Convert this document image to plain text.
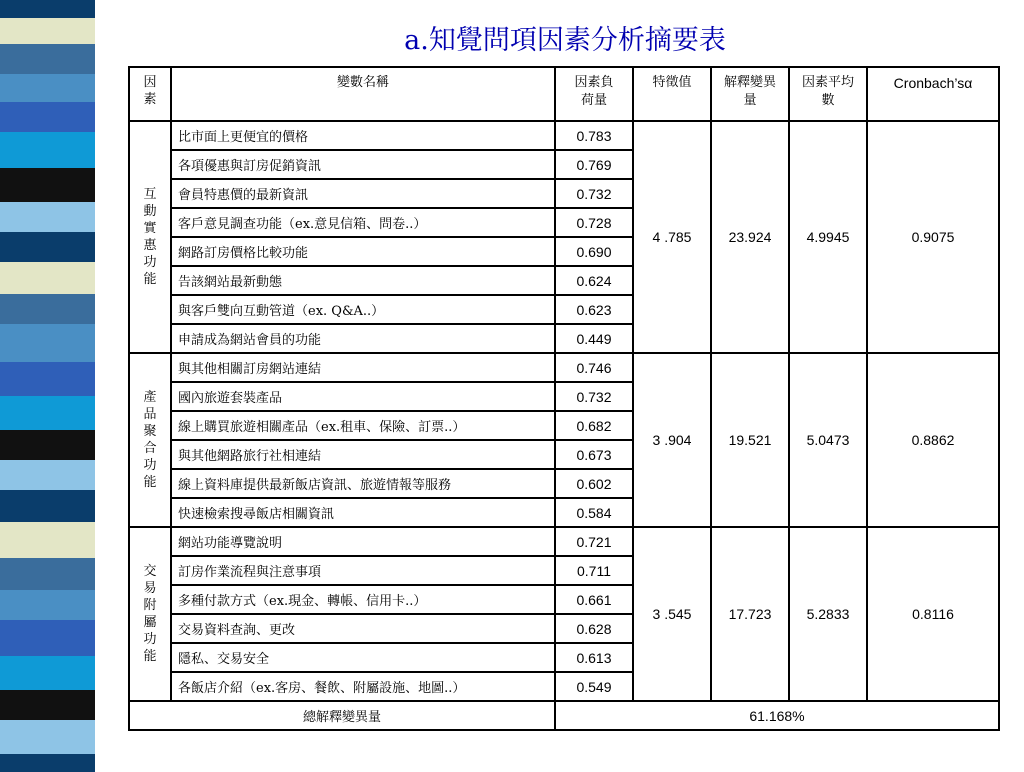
a.知覺問項因素分析摘要表
因素	變數名稱	因素負荷量	特徵值	解釋變異量	因素平均數	Cronbach’sα

互動實惠功能	比市面上更便宜的價格	0.783	4 .785	23.924	4.9945	0.9075
	各項優惠與訂房促銷資訊	0.769				
	會員特惠價的最新資訊	0.732				
	客戶意見調查功能（ex.意見信箱、問卷..）	0.728				
	網路訂房價格比較功能	0.690				
	告該網站最新動態	0.624				
	與客戶雙向互動管道（ex. Q&A..）	0.623				
	申請成為網站會員的功能	0.449				

產品聚合功能	與其他相關訂房網站連結	0.746	3 .904	19.521	5.0473	0.8862
	國內旅遊套裝產品	0.732				
	線上購買旅遊相關產品（ex.租車、保險、訂票..）	0.682				
	與其他網路旅行社相連結	0.673				
	線上資料庫提供最新飯店資訊、旅遊情報等服務	0.602				
	快速檢索搜尋飯店相關資訊	0.584				

交易附屬功能	網站功能導覽說明	0.721	3 .545	17.723	5.2833	0.8116
	訂房作業流程與注意事項	0.711				
	多種付款方式（ex.現金、轉帳、信用卡..）	0.661				
	交易資料查詢、更改	0.628				
	隱私、交易安全	0.613				
	各飯店介紹（ex.客房、餐飲、附屬設施、地圖..）	0.549				
總解釋變異量		61.168%				
